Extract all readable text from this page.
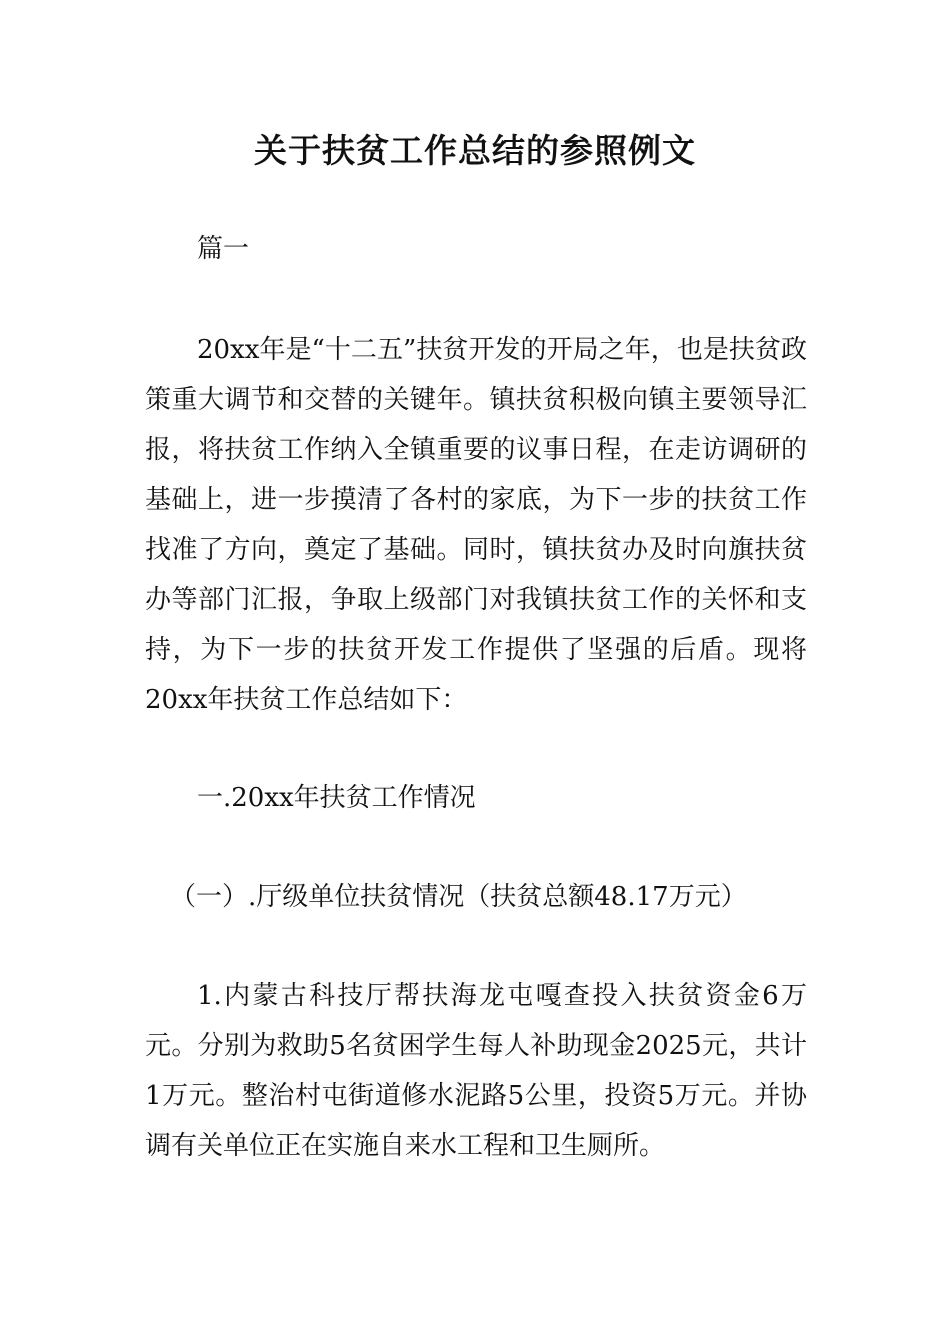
关于扶贫工作总结的参照例文

篇一

20xx年是“十二五”扶贫开发的开局之年，也是扶贫政策重大调节和交替的关键年。镇扶贫积极向镇主要领导汇报，将扶贫工作纳入全镇重要的议事日程，在走访调研的基础上，进一步摸清了各村的家底，为下一步的扶贫工作找准了方向，奠定了基础。同时，镇扶贫办及时向旗扶贫办等部门汇报，争取上级部门对我镇扶贫工作的关怀和支持，为下一步的扶贫开发工作提供了坚强的后盾。现将20xx年扶贫工作总结如下：

一.20xx年扶贫工作情况

（一）.厅级单位扶贫情况（扶贫总额48.17万元）

1.内蒙古科技厅帮扶海龙屯嘎查投入扶贫资金6万元。分别为救助5名贫困学生每人补助现金2025元，共计1万元。整治村屯街道修水泥路5公里，投资5万元。并协调有关单位正在实施自来水工程和卫生厕所。
